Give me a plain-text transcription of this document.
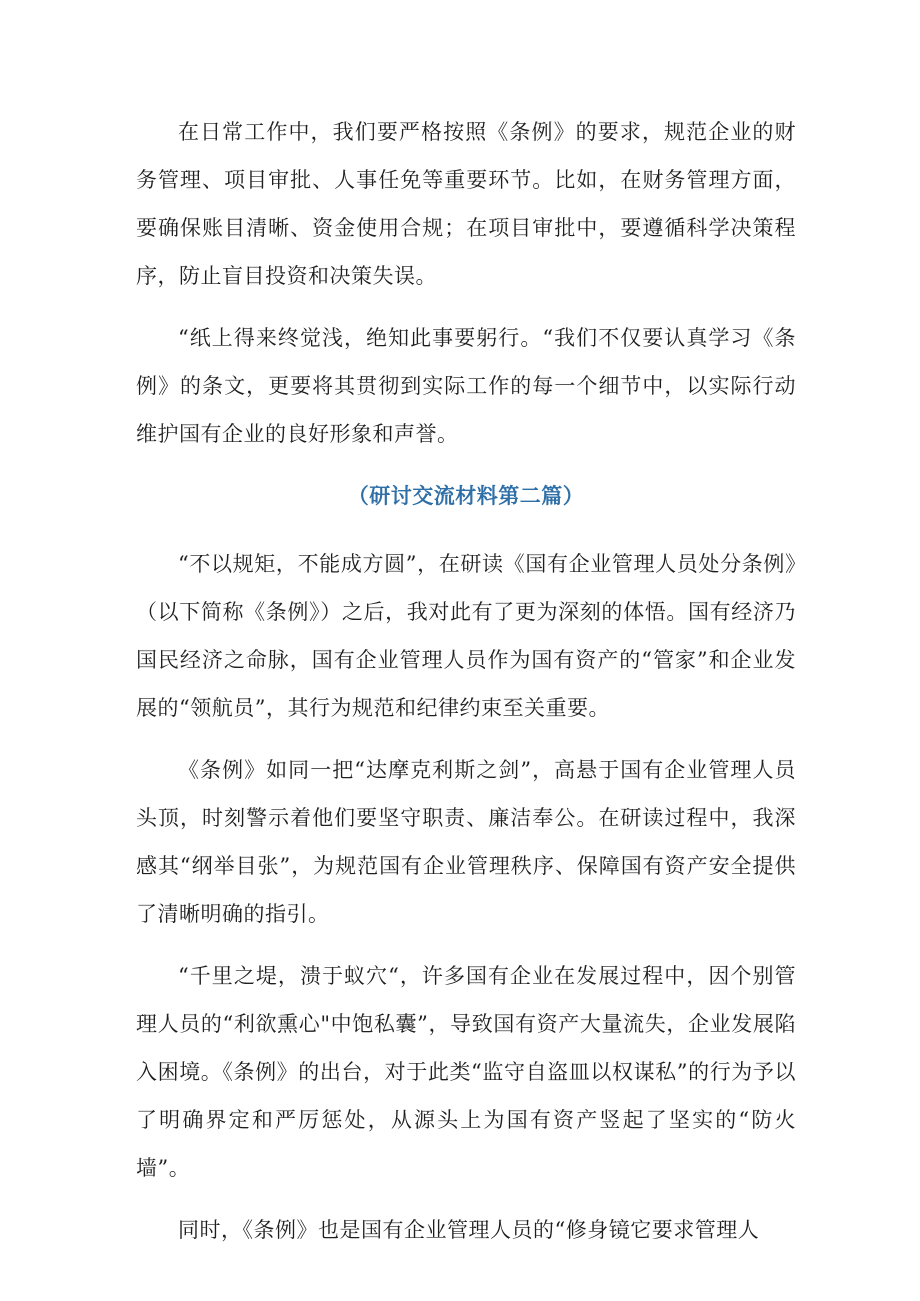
在日常工作中，我们要严格按照《条例》的要求，规范企业的财务管理、项目审批、人事任免等重要环节。比如，在财务管理方面，要确保账目清晰、资金使用合规；在项目审批中，要遵循科学决策程序，防止盲目投资和决策失误。

“纸上得来终觉浅，绝知此事要躬行。“我们不仅要认真学习《条例》的条文，更要将其贯彻到实际工作的每一个细节中，以实际行动维护国有企业的良好形象和声誉。

（研讨交流材料第二篇）

“不以规矩，不能成方圆”，在研读《国有企业管理人员处分条例》（以下简称《条例》）之后，我对此有了更为深刻的体悟。国有经济乃国民经济之命脉，国有企业管理人员作为国有资产的“管家”和企业发展的“领航员”，其行为规范和纪律约束至关重要。

《条例》如同一把“达摩克利斯之剑”，高悬于国有企业管理人员头顶，时刻警示着他们要坚守职责、廉洁奉公。在研读过程中，我深感其“纲举目张”，为规范国有企业管理秩序、保障国有资产安全提供了清晰明确的指引。

“千里之堤，溃于蚁穴“，许多国有企业在发展过程中，因个别管理人员的“利欲熏心"中饱私囊”，导致国有资产大量流失，企业发展陷入困境。《条例》的出台，对于此类“监守自盗皿以权谋私”的行为予以了明确界定和严厉惩处，从源头上为国有资产竖起了坚实的“防火墙”。

同时，《条例》也是国有企业管理人员的“修身镜它要求管理人
